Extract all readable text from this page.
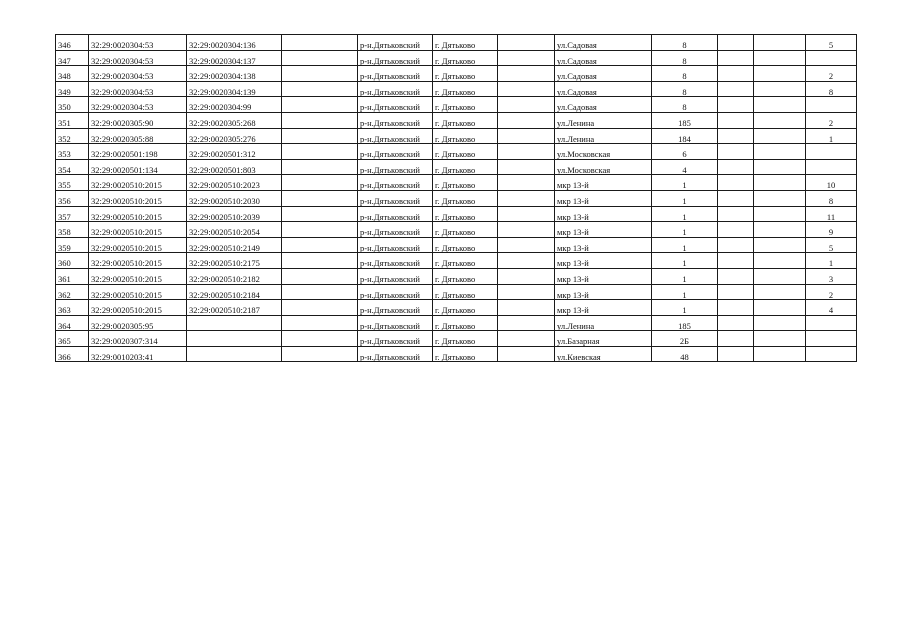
346	32:29:0020304:53	32:29:0020304:136		р-н.Дятьковский	г. Дятьково		ул.Садовая	8			5
347	32:29:0020304:53	32:29:0020304:137		р-н.Дятьковский	г. Дятьково		ул.Садовая	8			
348	32:29:0020304:53	32:29:0020304:138		р-н.Дятьковский	г. Дятьково		ул.Садовая	8			2
349	32:29:0020304:53	32:29:0020304:139		р-н.Дятьковский	г. Дятьково		ул.Садовая	8			8
350	32:29:0020304:53	32:29:0020304:99		р-н.Дятьковский	г. Дятьково		ул.Садовая	8			
351	32:29:0020305:90	32:29:0020305:268		р-н.Дятьковский	г. Дятьково		ул.Ленина	185			2
352	32:29:0020305:88	32:29:0020305:276		р-н.Дятьковский	г. Дятьково		ул.Ленина	184			1
353	32:29:0020501:198	32:29:0020501:312		р-н.Дятьковский	г. Дятьково		ул.Московская	6			
354	32:29:0020501:134	32:29:0020501:803		р-н.Дятьковский	г. Дятьково		ул.Московская	4			
355	32:29:0020510:2015	32:29:0020510:2023		р-н.Дятьковский	г. Дятьково		мкр 13-й	1			10
356	32:29:0020510:2015	32:29:0020510:2030		р-н.Дятьковский	г. Дятьково		мкр 13-й	1			8
357	32:29:0020510:2015	32:29:0020510:2039		р-н.Дятьковский	г. Дятьково		мкр 13-й	1			11
358	32:29:0020510:2015	32:29:0020510:2054		р-н.Дятьковский	г. Дятьково		мкр 13-й	1			9
359	32:29:0020510:2015	32:29:0020510:2149		р-н.Дятьковский	г. Дятьково		мкр 13-й	1			5
360	32:29:0020510:2015	32:29:0020510:2175		р-н.Дятьковский	г. Дятьково		мкр 13-й	1			1
361	32:29:0020510:2015	32:29:0020510:2182		р-н.Дятьковский	г. Дятьково		мкр 13-й	1			3
362	32:29:0020510:2015	32:29:0020510:2184		р-н.Дятьковский	г. Дятьково		мкр 13-й	1			2
363	32:29:0020510:2015	32:29:0020510:2187		р-н.Дятьковский	г. Дятьково		мкр 13-й	1			4
364	32:29:0020305:95			р-н.Дятьковский	г. Дятьково		ул.Ленина	185			
365	32:29:0020307:314			р-н.Дятьковский	г. Дятьково		ул.Базарная	2Б			
366	32:29:0010203:41			р-н.Дятьковский	г. Дятьково		ул.Киевская	48			
